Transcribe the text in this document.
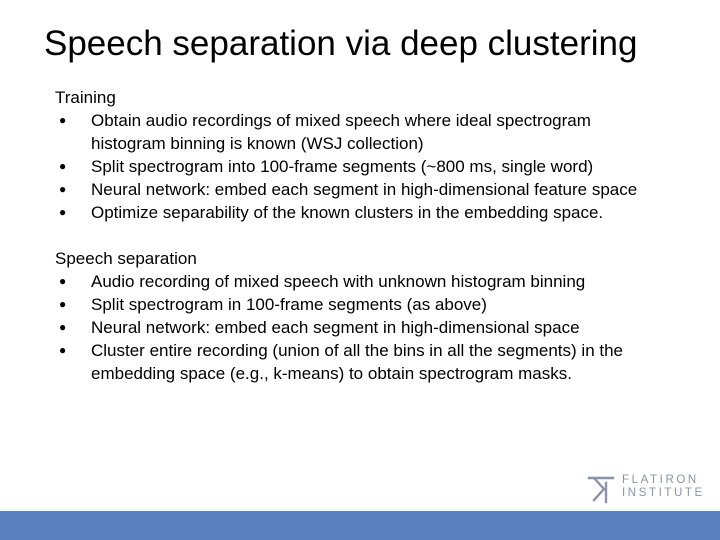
Speech separation via deep clustering
Training
● Obtain audio recordings of mixed speech where ideal spectrogram histogram binning is known (WSJ collection)
● Split spectrogram into 100-frame segments (~800 ms, single word)
● Neural network: embed each segment in high-dimensional feature space
● Optimize separability of the known clusters in the embedding space.
Speech separation
● Audio recording of mixed speech with unknown histogram binning
● Split spectrogram in 100-frame segments (as above)
● Neural network: embed each segment in high-dimensional space
● Cluster entire recording (union of all the bins in all the segments) in the embedding space (e.g., k-means) to obtain spectrogram masks.
FLATIRON
INSTITUTE
